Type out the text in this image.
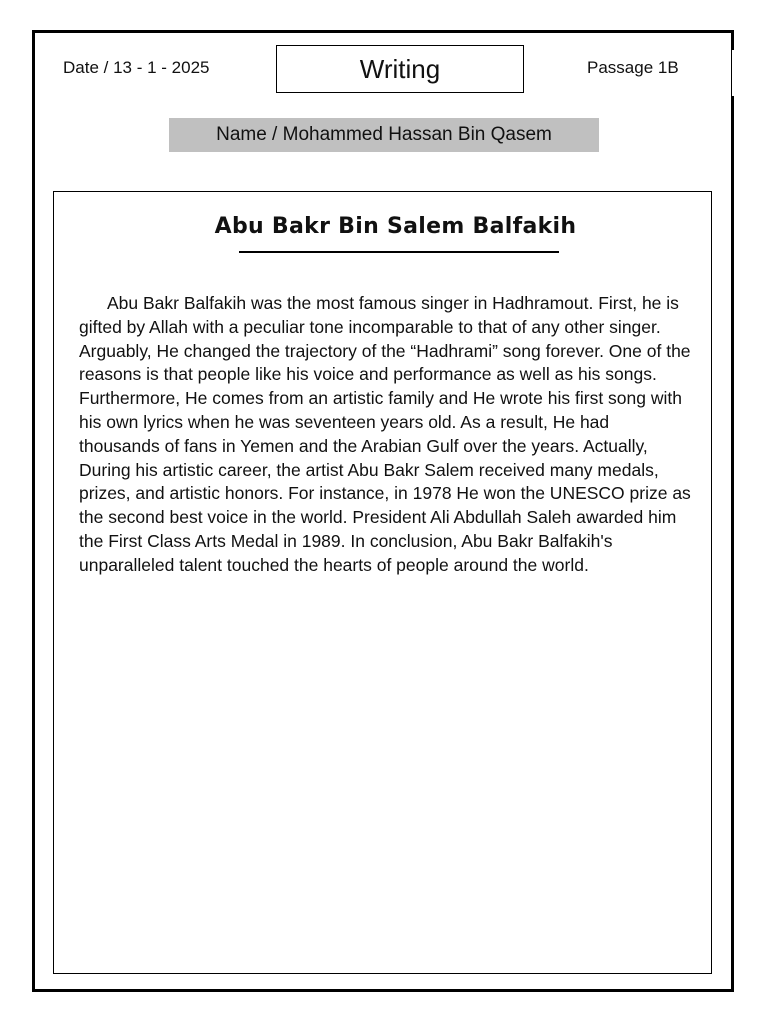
Date / 13 - 1 - 2025	Writing	Passage 1B
Name / Mohammed Hassan Bin Qasem
Abu Bakr Bin Salem Balfakih
Abu Bakr Balfakih was the most famous singer in Hadhramout. First, he is gifted by Allah with a peculiar tone incomparable to that of any other singer. Arguably, He changed the trajectory of the “Hadhrami” song forever. One of the reasons is that people like his voice and performance as well as his songs. Furthermore, He comes from an artistic family and He wrote his first song with his own lyrics when he was seventeen years old. As a result, He had thousands of fans in Yemen and the Arabian Gulf over the years. Actually, During his artistic career, the artist Abu Bakr Salem received many medals, prizes, and artistic honors. For instance, in 1978 He won the UNESCO prize as the second best voice in the world. President Ali Abdullah Saleh awarded him the First Class Arts Medal in 1989. In conclusion, Abu Bakr Balfakih's unparalleled talent touched the hearts of people around the world.
